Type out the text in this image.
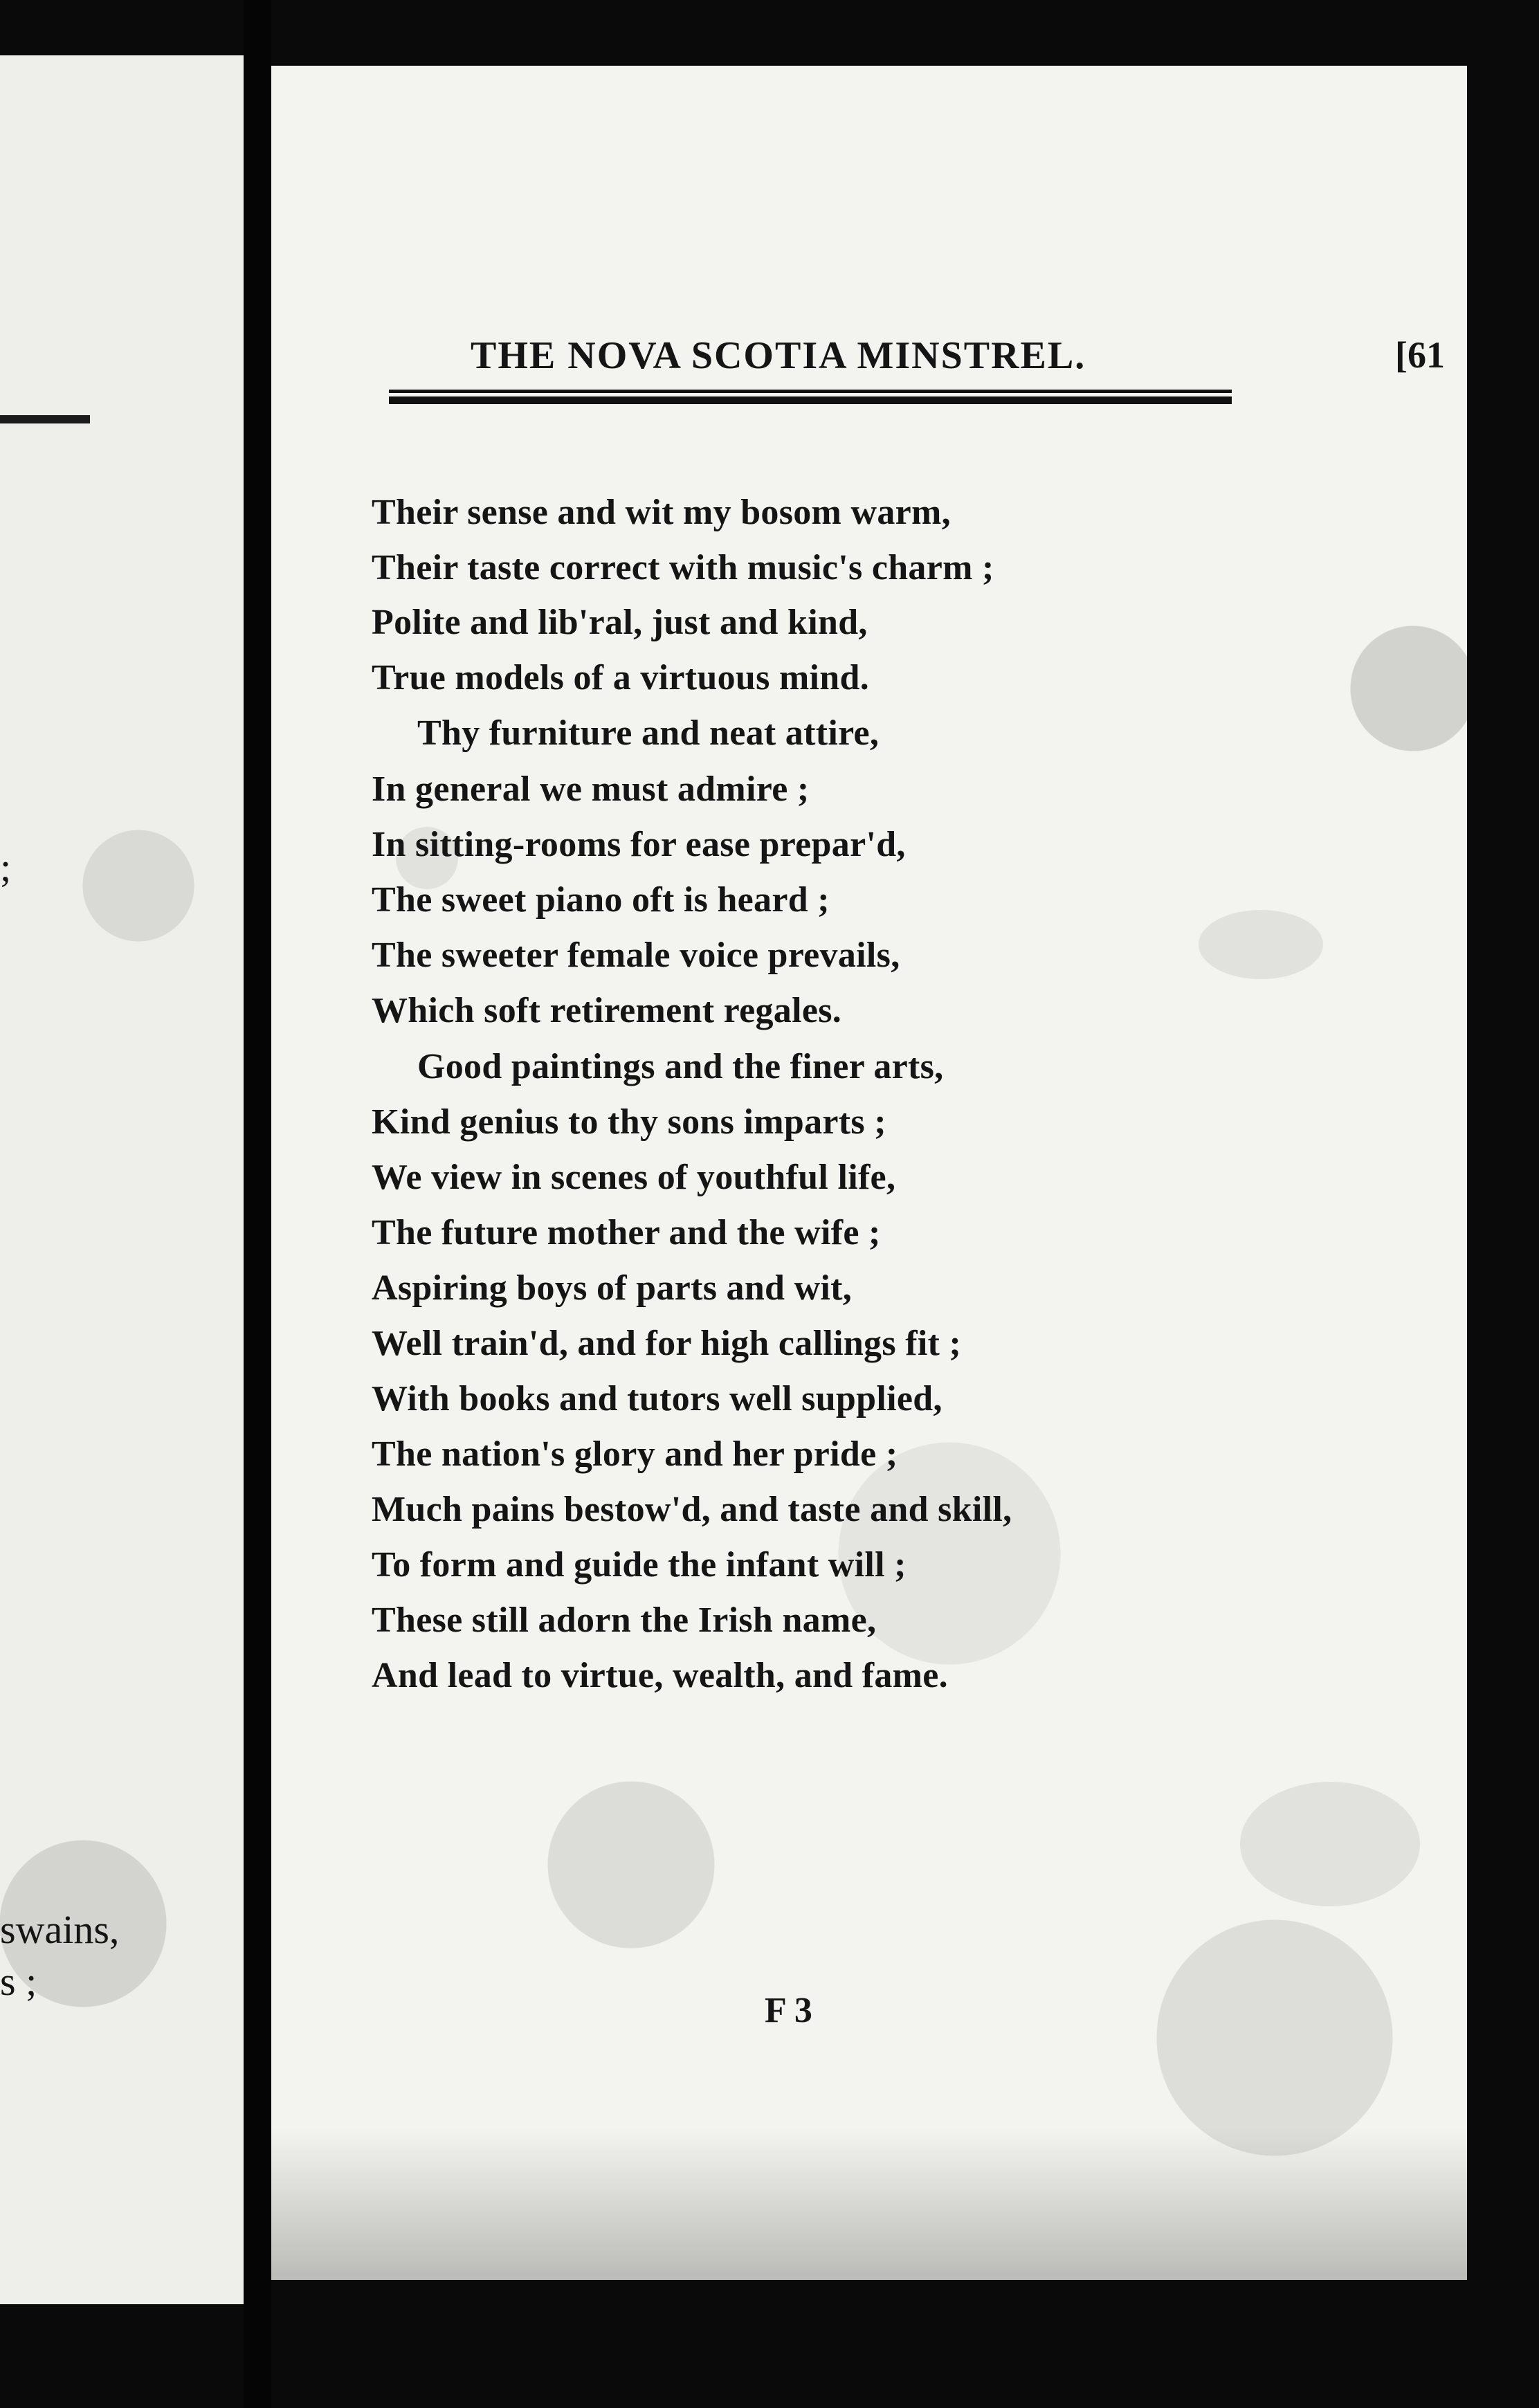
;
swains,
s ;
THE NOVA SCOTIA MINSTREL.	[61
Their sense and wit my bosom warm,
Their taste correct with music's charm ;
Polite and lib'ral, just and kind,
True models of a virtuous mind.
Thy furniture and neat attire,
In general we must admire ;
In sitting-rooms for ease prepar'd,
The sweet piano oft is heard ;
The sweeter female voice prevails,
Which soft retirement regales.
Good paintings and the finer arts,
Kind genius to thy sons imparts ;
We view in scenes of youthful life,
The future mother and the wife ;
Aspiring boys of parts and wit,
Well train'd, and for high callings fit ;
With books and tutors well supplied,
The nation's glory and her pride ;
Much pains bestow'd, and taste and skill,
To form and guide the infant will ;
These still adorn the Irish name,
And lead to virtue, wealth, and fame.
F 3
